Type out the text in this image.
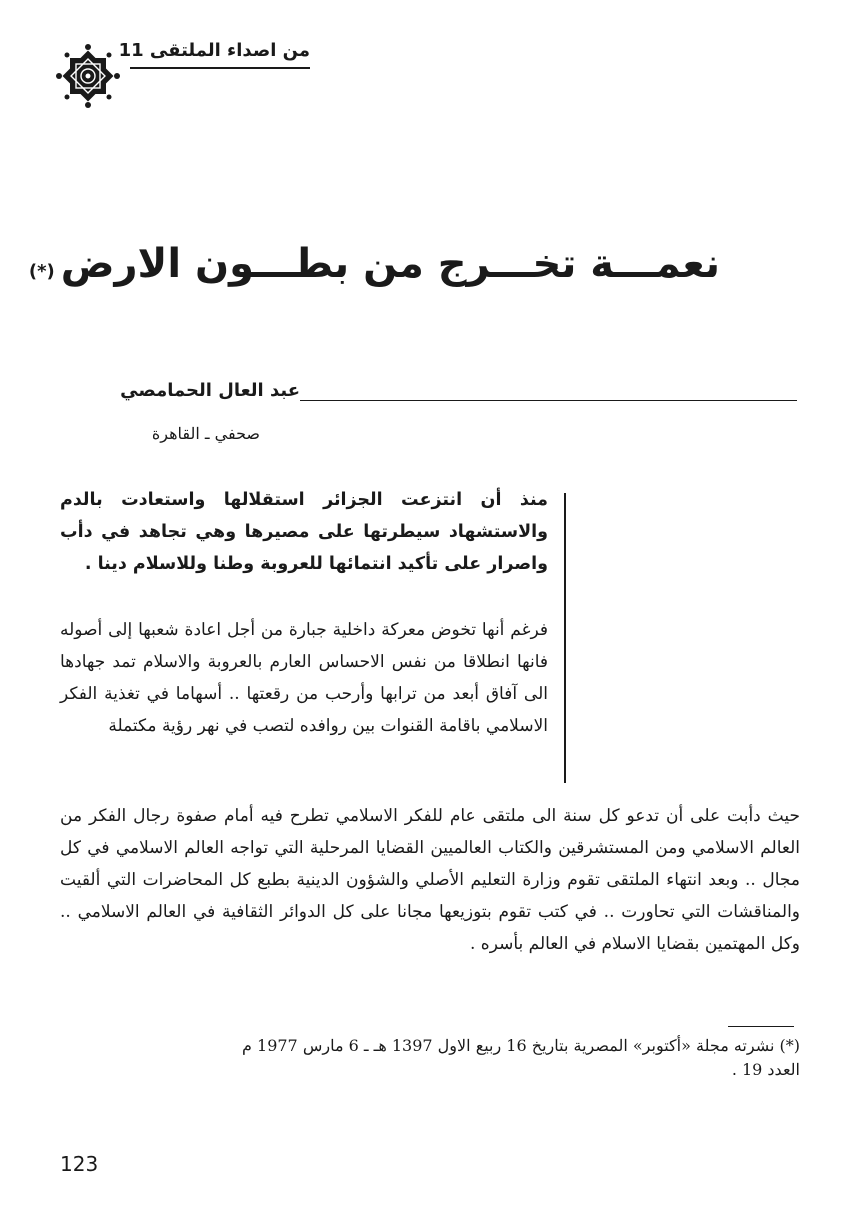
من اصداء الملتقى 11
نعمـــة تخـــرج من بطـــون الارض(*)
عبد العال الحمامصي
صحفي ـ القاهرة
منذ أن انتزعت الجزائر استقلالها واستعادت بالدم والاستشهاد سيطرتها على مصيرها وهي تجاهد في دأب واصرار على تأكيد انتمائها للعروبة وطنا وللاسلام دينا .
فرغم أنها تخوض معركة داخلية جبارة من أجل اعادة شعبها إلى أصوله فانها انطلاقا من نفس الاحساس العارم بالعروبة والاسلام تمد جهادها الى آفاق أبعد من ترابها وأرحب من رقعتها .. أسهاما في تغذية الفكر الاسلامي باقامة القنوات بين روافده لتصب في نهر رؤية مكتملة
حيث دأبت على أن تدعو كل سنة الى ملتقى عام للفكر الاسلامي تطرح فيه أمام صفوة رجال الفكر من العالم الاسلامي ومن المستشرقين والكتاب العالميين القضايا المرحلية التي تواجه العالم الاسلامي في كل مجال .. وبعد انتهاء الملتقى تقوم وزارة التعليم الأصلي والشؤون الدينية بطبع كل المحاضرات التي ألقيت والمناقشات التي تحاورت .. في كتب تقوم بتوزيعها مجانا على كل الدوائر الثقافية في العالم الاسلامي .. وكل المهتمين بقضايا الاسلام في العالم بأسره .
(*) نشرته مجلة «أكتوبر» المصرية بتاريخ 16 ربيع الاول 1397 هـ ـ 6 مارس 1977 م
العدد 19 .
123
